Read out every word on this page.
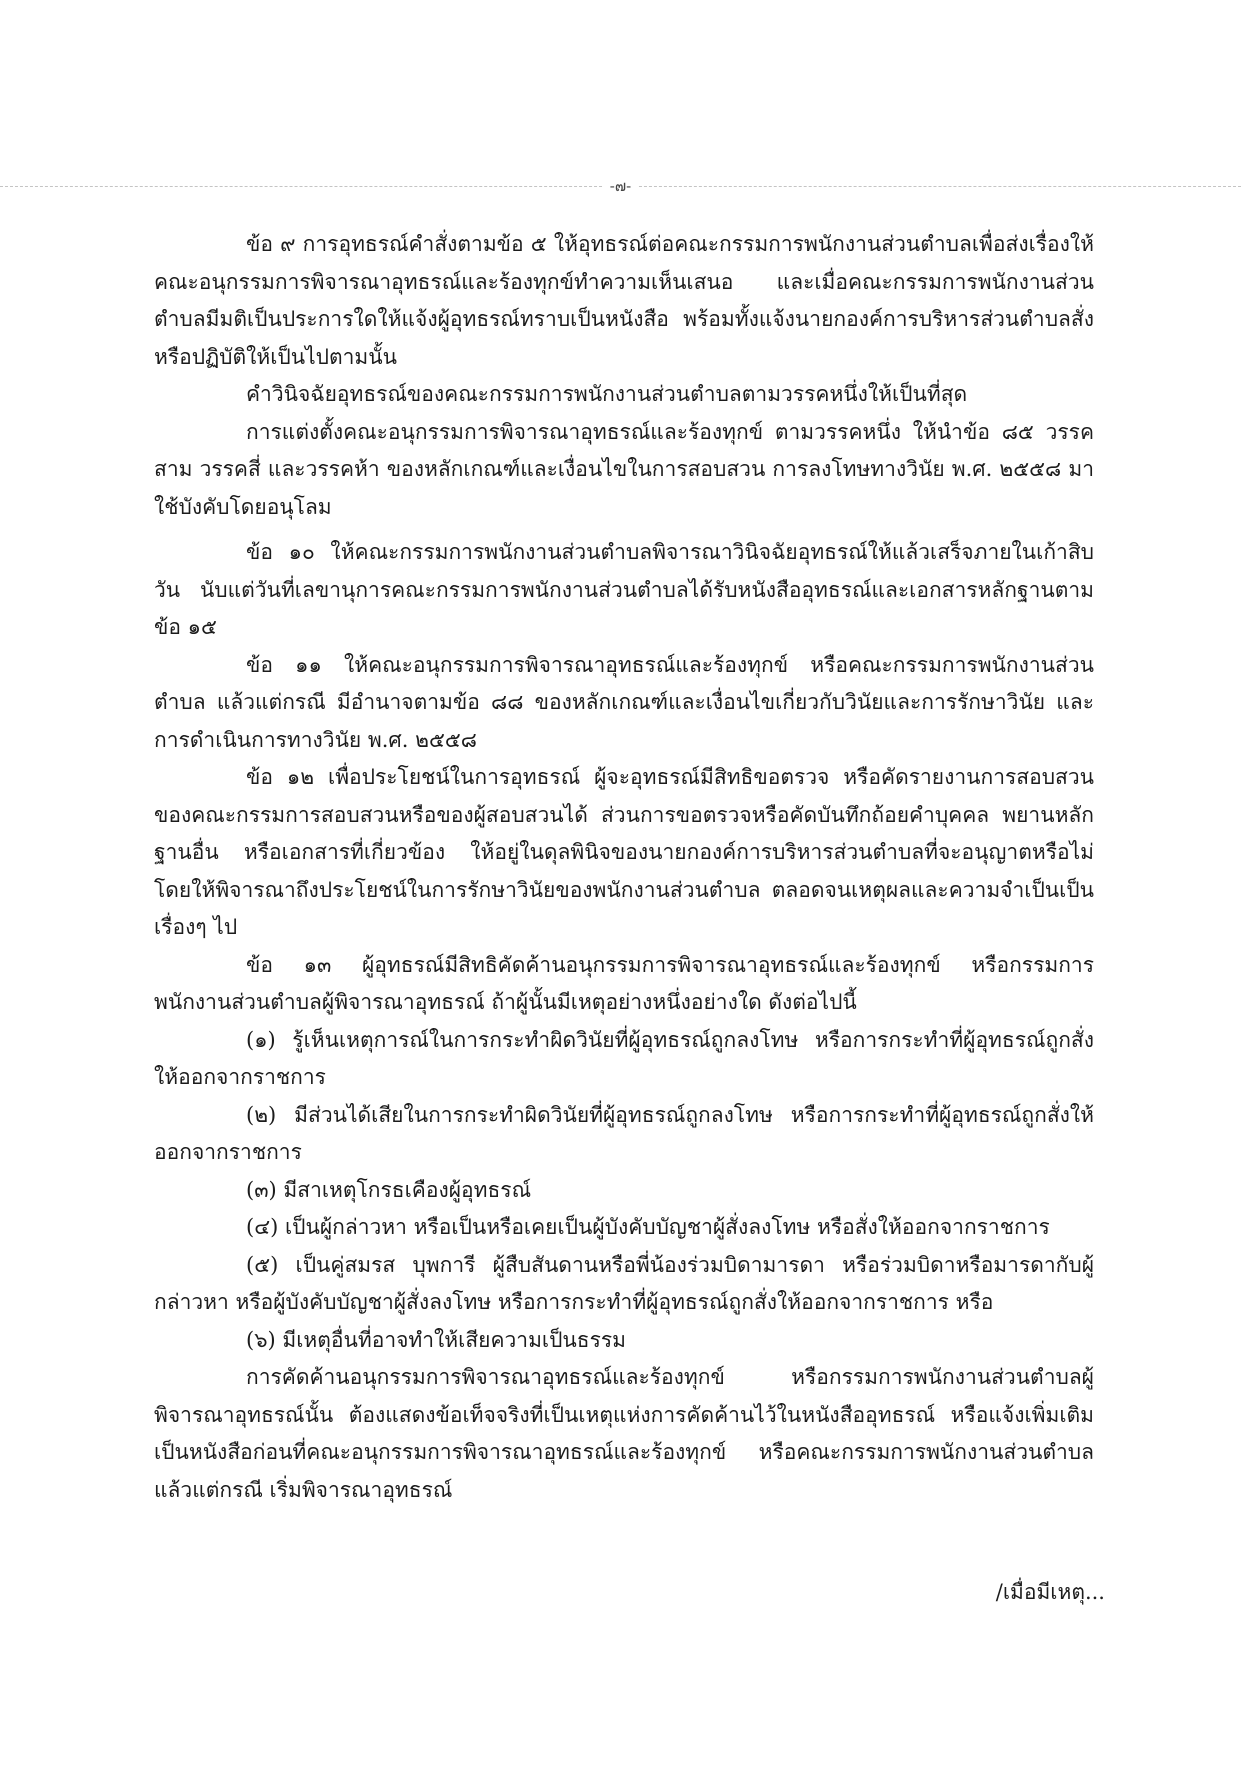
-๗-

ข้อ ๙ การอุทธรณ์คำสั่งตามข้อ ๕ ให้อุทธรณ์ต่อคณะกรรมการพนักงานส่วนตำบลเพื่อส่งเรื่องให้คณะอนุกรรมการพิจารณาอุทธรณ์และร้องทุกข์ทำความเห็นเสนอ และเมื่อคณะกรรมการพนักงานส่วนตำบลมีมติเป็นประการใดให้แจ้งผู้อุทธรณ์ทราบเป็นหนังสือ พร้อมทั้งแจ้งนายกองค์การบริหารส่วนตำบลสั่งหรือปฏิบัติให้เป็นไปตามนั้น

คำวินิจฉัยอุทธรณ์ของคณะกรรมการพนักงานส่วนตำบลตามวรรคหนึ่งให้เป็นที่สุด

การแต่งตั้งคณะอนุกรรมการพิจารณาอุทธรณ์และร้องทุกข์ ตามวรรคหนึ่ง ให้นำข้อ ๘๕ วรรคสาม วรรคสี่ และวรรคห้า ของหลักเกณฑ์และเงื่อนไขในการสอบสวน การลงโทษทางวินัย พ.ศ. ๒๕๕๘ มาใช้บังคับโดยอนุโลม

ข้อ ๑๐ ให้คณะกรรมการพนักงานส่วนตำบลพิจารณาวินิจฉัยอุทธรณ์ให้แล้วเสร็จภายในเก้าสิบวัน นับแต่วันที่เลขานุการคณะกรรมการพนักงานส่วนตำบลได้รับหนังสืออุทธรณ์และเอกสารหลักฐานตามข้อ ๑๕

ข้อ ๑๑ ให้คณะอนุกรรมการพิจารณาอุทธรณ์และร้องทุกข์ หรือคณะกรรมการพนักงานส่วนตำบล แล้วแต่กรณี มีอำนาจตามข้อ ๘๘ ของหลักเกณฑ์และเงื่อนไขเกี่ยวกับวินัยและการรักษาวินัย และการดำเนินการทางวินัย พ.ศ. ๒๕๕๘

ข้อ ๑๒ เพื่อประโยชน์ในการอุทธรณ์ ผู้จะอุทธรณ์มีสิทธิขอตรวจ หรือคัดรายงานการสอบสวนของคณะกรรมการสอบสวนหรือของผู้สอบสวนได้ ส่วนการขอตรวจหรือคัดบันทึกถ้อยคำบุคคล พยานหลักฐานอื่น หรือเอกสารที่เกี่ยวข้อง ให้อยู่ในดุลพินิจของนายกองค์การบริหารส่วนตำบลที่จะอนุญาตหรือไม่ โดยให้พิจารณาถึงประโยชน์ในการรักษาวินัยของพนักงานส่วนตำบล ตลอดจนเหตุผลและความจำเป็นเป็นเรื่องๆ ไป

ข้อ ๑๓ ผู้อุทธรณ์มีสิทธิคัดค้านอนุกรรมการพิจารณาอุทธรณ์และร้องทุกข์ หรือกรรมการพนักงานส่วนตำบลผู้พิจารณาอุทธรณ์ ถ้าผู้นั้นมีเหตุอย่างหนึ่งอย่างใด ดังต่อไปนี้

(๑) รู้เห็นเหตุการณ์ในการกระทำผิดวินัยที่ผู้อุทธรณ์ถูกลงโทษ หรือการกระทำที่ผู้อุทธรณ์ถูกสั่งให้ออกจากราชการ

(๒) มีส่วนได้เสียในการกระทำผิดวินัยที่ผู้อุทธรณ์ถูกลงโทษ หรือการกระทำที่ผู้อุทธรณ์ถูกสั่งให้ออกจากราชการ

(๓) มีสาเหตุโกรธเคืองผู้อุทธรณ์

(๔) เป็นผู้กล่าวหา หรือเป็นหรือเคยเป็นผู้บังคับบัญชาผู้สั่งลงโทษ หรือสั่งให้ออกจากราชการ

(๕) เป็นคู่สมรส บุพการี ผู้สืบสันดานหรือพี่น้องร่วมบิดามารดา หรือร่วมบิดาหรือมารดากับผู้กล่าวหา หรือผู้บังคับบัญชาผู้สั่งลงโทษ หรือการกระทำที่ผู้อุทธรณ์ถูกสั่งให้ออกจากราชการ หรือ

(๖) มีเหตุอื่นที่อาจทำให้เสียความเป็นธรรม

การคัดค้านอนุกรรมการพิจารณาอุทธรณ์และร้องทุกข์ หรือกรรมการพนักงานส่วนตำบลผู้พิจารณาอุทธรณ์นั้น ต้องแสดงข้อเท็จจริงที่เป็นเหตุแห่งการคัดค้านไว้ในหนังสืออุทธรณ์ หรือแจ้งเพิ่มเติมเป็นหนังสือก่อนที่คณะอนุกรรมการพิจารณาอุทธรณ์และร้องทุกข์ หรือคณะกรรมการพนักงานส่วนตำบล แล้วแต่กรณี เริ่มพิจารณาอุทธรณ์

/เมื่อมีเหตุ...
